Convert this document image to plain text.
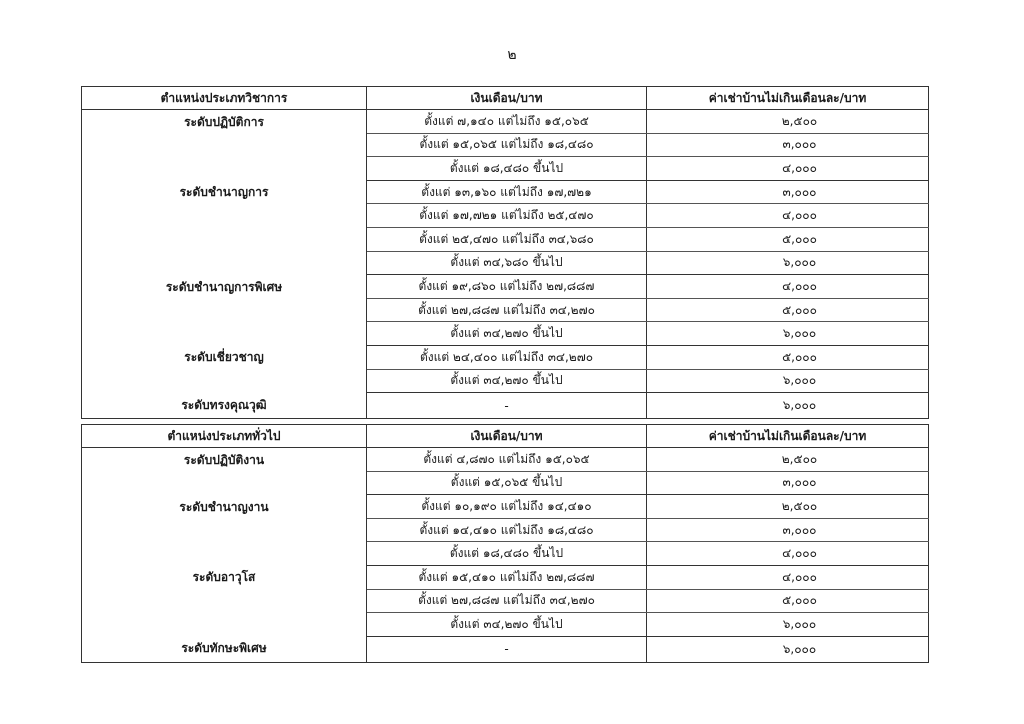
๒
ตำแหน่งประเภทวิชาการ	เงินเดือน/บาท	ค่าเช่าบ้านไม่เกินเดือนละ/บาท
ระดับปฏิบัติการ	ตั้งแต่ ๗,๑๔๐ แต่ไม่ถึง ๑๕,๐๖๕	๒,๕๐๐
	ตั้งแต่ ๑๕,๐๖๕ แต่ไม่ถึง ๑๘,๔๘๐	๓,๐๐๐
	ตั้งแต่ ๑๘,๔๘๐ ขึ้นไป	๔,๐๐๐
ระดับชำนาญการ	ตั้งแต่ ๑๓,๑๖๐ แต่ไม่ถึง ๑๗,๗๒๑	๓,๐๐๐
	ตั้งแต่ ๑๗,๗๒๑ แต่ไม่ถึง ๒๕,๔๗๐	๔,๐๐๐
	ตั้งแต่ ๒๕,๔๗๐ แต่ไม่ถึง ๓๔,๖๘๐	๕,๐๐๐
	ตั้งแต่ ๓๔,๖๘๐ ขึ้นไป	๖,๐๐๐
ระดับชำนาญการพิเศษ	ตั้งแต่ ๑๙,๘๖๐ แต่ไม่ถึง ๒๗,๘๘๗	๔,๐๐๐
	ตั้งแต่ ๒๗,๘๘๗ แต่ไม่ถึง ๓๔,๒๗๐	๕,๐๐๐
	ตั้งแต่ ๓๔,๒๗๐ ขึ้นไป	๖,๐๐๐
ระดับเชี่ยวชาญ	ตั้งแต่ ๒๔,๔๐๐ แต่ไม่ถึง ๓๔,๒๗๐	๕,๐๐๐
	ตั้งแต่ ๓๔,๒๗๐ ขึ้นไป	๖,๐๐๐
ระดับทรงคุณวุฒิ	-	๖,๐๐๐
ตำแหน่งประเภททั่วไป	เงินเดือน/บาท	ค่าเช่าบ้านไม่เกินเดือนละ/บาท
ระดับปฏิบัติงาน	ตั้งแต่ ๔,๘๗๐ แต่ไม่ถึง ๑๕,๐๖๕	๒,๕๐๐
	ตั้งแต่ ๑๕,๐๖๕ ขึ้นไป	๓,๐๐๐
ระดับชำนาญงาน	ตั้งแต่ ๑๐,๑๙๐ แต่ไม่ถึง ๑๔,๔๑๐	๒,๕๐๐
	ตั้งแต่ ๑๔,๔๑๐ แต่ไม่ถึง ๑๘,๔๘๐	๓,๐๐๐
	ตั้งแต่ ๑๘,๔๘๐ ขึ้นไป	๔,๐๐๐
ระดับอาวุโส	ตั้งแต่ ๑๕,๔๑๐ แต่ไม่ถึง ๒๗,๘๘๗	๔,๐๐๐
	ตั้งแต่ ๒๗,๘๘๗ แต่ไม่ถึง ๓๔,๒๗๐	๕,๐๐๐
	ตั้งแต่ ๓๔,๒๗๐ ขึ้นไป	๖,๐๐๐
ระดับทักษะพิเศษ	-	๖,๐๐๐
